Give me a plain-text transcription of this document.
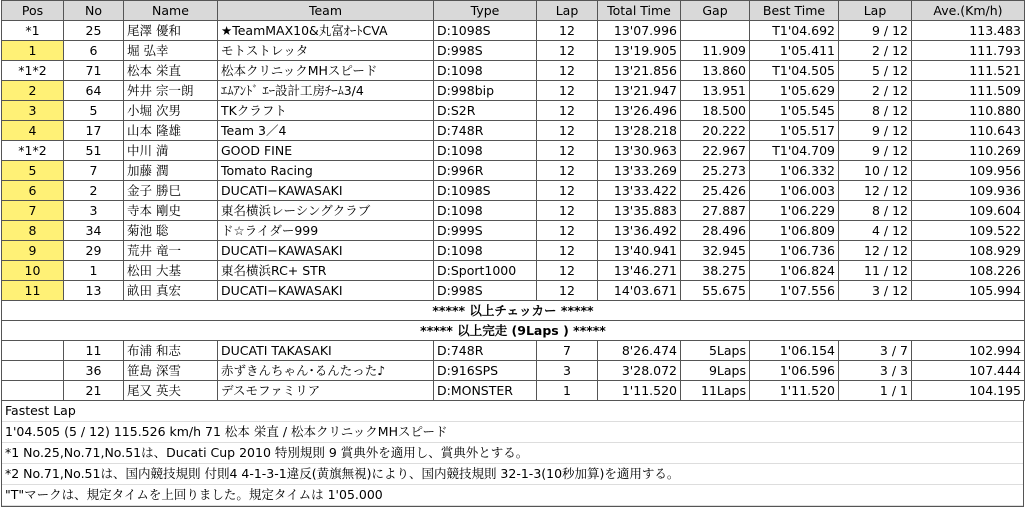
Pos	No	Name	Team	Type	Lap	Total Time	Gap	Best Time	Lap	Ave.(Km/h)
*1	25	尾澤 優和	★TeamMAX10&丸富ｵｰﾄCVA	D:1098S	12	13'07.996		T1'04.692	9 / 12	113.483
1	6	堀 弘幸	モトストレッタ	D:998S	12	13'19.905	11.909	1'05.411	2 / 12	111.793
*1*2	71	松本 栄直	松本クリニックMHスピード	D:1098	12	13'21.856	13.860	T1'04.505	5 / 12	111.521
2	64	舛井 宗一朗	ｴﾑｱﾝﾄﾞ ｴｰ設計工房ﾁｰﾑ3/4	D:998bip	12	13'21.947	13.951	1'05.629	2 / 12	111.509
3	5	小堀 次男	TKクラフト	D:S2R	12	13'26.496	18.500	1'05.545	8 / 12	110.880
4	17	山本 隆雄	Team 3／4	D:748R	12	13'28.218	20.222	1'05.517	9 / 12	110.643
*1*2	51	中川 満	GOOD FINE	D:1098	12	13'30.963	22.967	T1'04.709	9 / 12	110.269
5	7	加藤 潤	Tomato Racing	D:996R	12	13'33.269	25.273	1'06.332	10 / 12	109.956
6	2	金子 勝巳	DUCATI−KAWASAKI	D:1098S	12	13'33.422	25.426	1'06.003	12 / 12	109.936
7	3	寺本 剛史	東名横浜レーシングクラブ	D:1098	12	13'35.883	27.887	1'06.229	8 / 12	109.604
8	34	菊池 聡	ド☆ライダー999	D:999S	12	13'36.492	28.496	1'06.809	4 / 12	109.522
9	29	荒井 竜一	DUCATI−KAWASAKI	D:1098	12	13'40.941	32.945	1'06.736	12 / 12	108.929
10	1	松田 大基	東名横浜RC+ STR	D:Sport1000	12	13'46.271	38.275	1'06.824	11 / 12	108.226
11	13	畝田 真宏	DUCATI−KAWASAKI	D:998S	12	14'03.671	55.675	1'07.556	3 / 12	105.994
***** 以上チェッカー *****										
***** 以上完走 (9Laps ) *****										
	11	布浦 和志	DUCATI TAKASAKI	D:748R	7	8'26.474	5Laps	1'06.154	3 / 7	102.994
	36	笹島 深雪	赤ずきんちゃん･るんたった♪	D:916SPS	3	3'28.072	9Laps	1'06.596	3 / 3	107.444
	21	尾又 英夫	デスモファミリア	D:MONSTER	1	1'11.520	11Laps	1'11.520	1 / 1	104.195
Fastest Lap
1'04.505 (5 / 12) 115.526 km/h 71 松本 栄直 / 松本クリニックMHスピード
*1 No.25,No.71,No.51は、Ducati Cup 2010 特別規則 9 賞典外を適用し、賞典外とする。
*2 No.71,No.51は、国内競技規則 付則4 4-1-3-1違反(黄旗無視)により、国内競技規則 32-1-3(10秒加算)を適用する。
"T"マークは、規定タイムを上回りました。規定タイムは 1'05.000
